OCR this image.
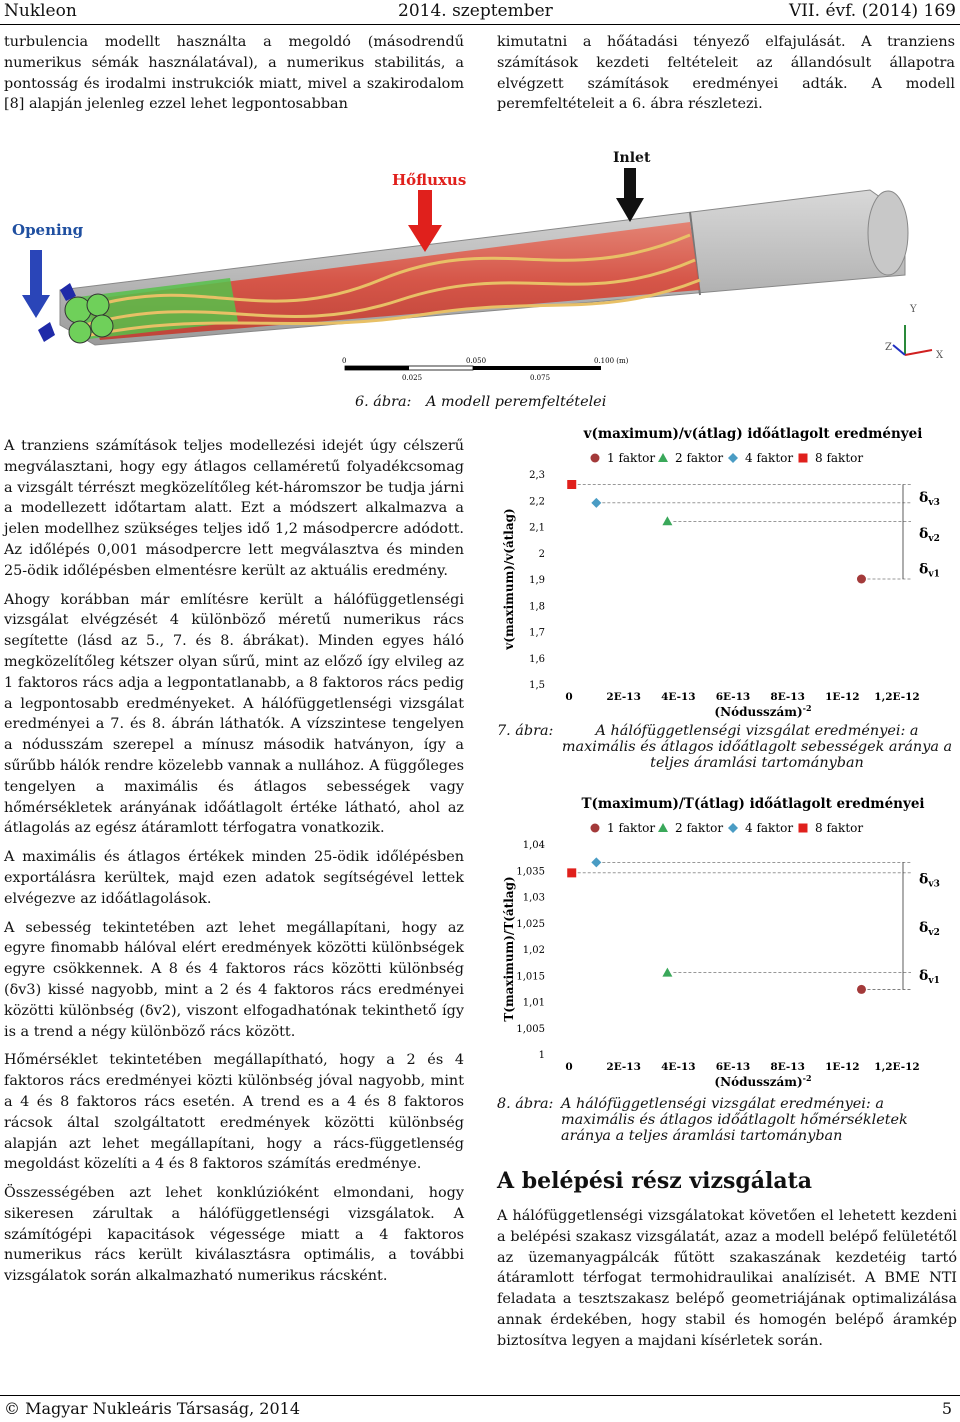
Nukleon	2014. szeptember	VII. évf. (2014) 169

turbulencia modellt használta a megoldó (másodrendű numerikus sémák használatával), a numerikus stabilitás, a pontosság és irodalmi instrukciók miatt, mivel a szakirodalom [8] alapján jelenleg ezzel lehet legpontosabban

kimutatni a hőátadási tényező elfajulását. A tranziens számítások kezdeti feltételeit az állandósult állapotra elvégzett számítások eredményei adták. A modell peremfeltételeit a 6. ábra részletezi.

Opening
Hőfluxus
Inlet
Y
Z
X
0	0.050	0.100 (m)
0.025	0.075
6. ábra: A modell peremfeltételei

A tranziens számítások teljes modellezési idejét úgy célszerű megválasztani, hogy egy átlagos cellaméretű folyadékcsomag a vizsgált térrészt megközelítőleg két-háromszor be tudja járni a modellezett időtartam alatt. Ezt a módszert alkalmazva a jelen modellhez szükséges teljes idő 1,2 másodpercre adódott. Az időlépés 0,001 másodpercre lett megválasztva és minden 25-ödik időlépésben elmentésre került az aktuális eredmény.

Ahogy korábban már említésre került a hálófüggetlenségi vizsgálat elvégzését 4 különböző méretű numerikus rács segítette (lásd az 5., 7. és 8. ábrákat). Minden egyes háló megközelítőleg kétszer olyan sűrű, mint az előző így elvileg az 1 faktoros rács adja a legpontatlanabb, a 8 faktoros rács pedig a legpontosabb eredményeket. A hálófüggetlenségi vizsgálat eredményei a 7. és 8. ábrán láthatók. A vízszintese tengelyen a nódusszám szerepel a mínusz második hatványon, így a sűrűbb hálók rendre közelebb vannak a nullához. A függőleges tengelyen a maximális és átlagos sebességek vagy hőmérsékletek arányának időátlagolt értéke látható, ahol az átlagolás az egész átáramlott térfogatra vonatkozik.

A maximális és átlagos értékek minden 25-ödik időlépésben exportálásra kerültek, majd ezen adatok segítségével lettek elvégezve az időátlagolások.

A sebesség tekintetében azt lehet megállapítani, hogy az egyre finomabb hálóval elért eredmények közötti különbségek egyre csökkennek. A 8 és 4 faktoros rács közötti különbség (δv3) kissé nagyobb, mint a 2 és 4 faktoros rács eredményei közötti különbség (δv2), viszont elfogadhatónak tekinthető így is a trend a négy különböző rács között.

Hőmérséklet tekintetében megállapítható, hogy a 2 és 4 faktoros rács eredményei közti különbség jóval nagyobb, mint a 4 és 8 faktoros rács esetén. A trend es a 4 és 8 faktoros rácsok által szolgáltatott eredmények közötti különbség alapján azt lehet megállapítani, hogy a rács-függetlenség megoldást közelíti a 4 és 8 faktoros számítás eredménye.

Összességében azt lehet konklúzióként elmondani, hogy sikeresen zárultak a hálófüggetlenségi vizsgálatok. A számítógépi kapacitások végessége miatt a 4 faktoros numerikus rács került kiválasztásra optimális, a további vizsgálatok során alkalmazható numerikus rácsként.

v(maximum)/v(átlag) időátlagolt eredményei
1 faktor 2 faktor 4 faktor 8 faktor
2,3
2,2
2,1
2
1,9
1,8
1,7
1,6
1,5
0	2E-13 4E-13 6E-13 8E-13 1E-12 1,2E-12
(Nódusszám)$^{-2}$
v(maximum)/v(átlag)
$\delta_{v3}$
$\delta_{v2}$
$\delta_{v1}$
7. ábra:	A hálófüggetlenségi vizsgálat eredményei: a maximális és átlagos időátlagolt sebességek aránya a teljes áramlási tartományban
T(maximum)/T(átlag) időátlagolt eredményei
1 faktor 2 faktor 4 faktor 8 faktor
1,04
1,035
1,03
1,025
1,02
1,015
1,01
1,005
1
0	2E-13 4E-13 6E-13 8E-13 1E-12 1,2E-12
(Nódusszám)$^{-2}$
T(maximum)/T(átlag)	$\delta_{v3}$
$\delta_{v2}$
$\delta_{v1}$
8. ábra: A hálófüggetlenségi vizsgálat eredményei: a maximális és átlagos időátlagolt hőmérsékletek aránya a teljes áramlási tartományban
A belépési rész vizsgálata

A hálófüggetlenségi vizsgálatokat követően el lehetett kezdeni a belépési szakasz vizsgálatát, azaz a modell belépő felületétől az üzemanyagpálcák fűtött szakaszának kezdetéig tartó átáramlott térfogat termohidraulikai analízisét. A BME NTI feladata a tesztszakasz belépő geometriájának optimalizálása annak érdekében, hogy stabil és homogén belépő áramkép biztosítva legyen a majdani kísérletek során.

© Magyar Nukleáris Társaság, 2014	5
